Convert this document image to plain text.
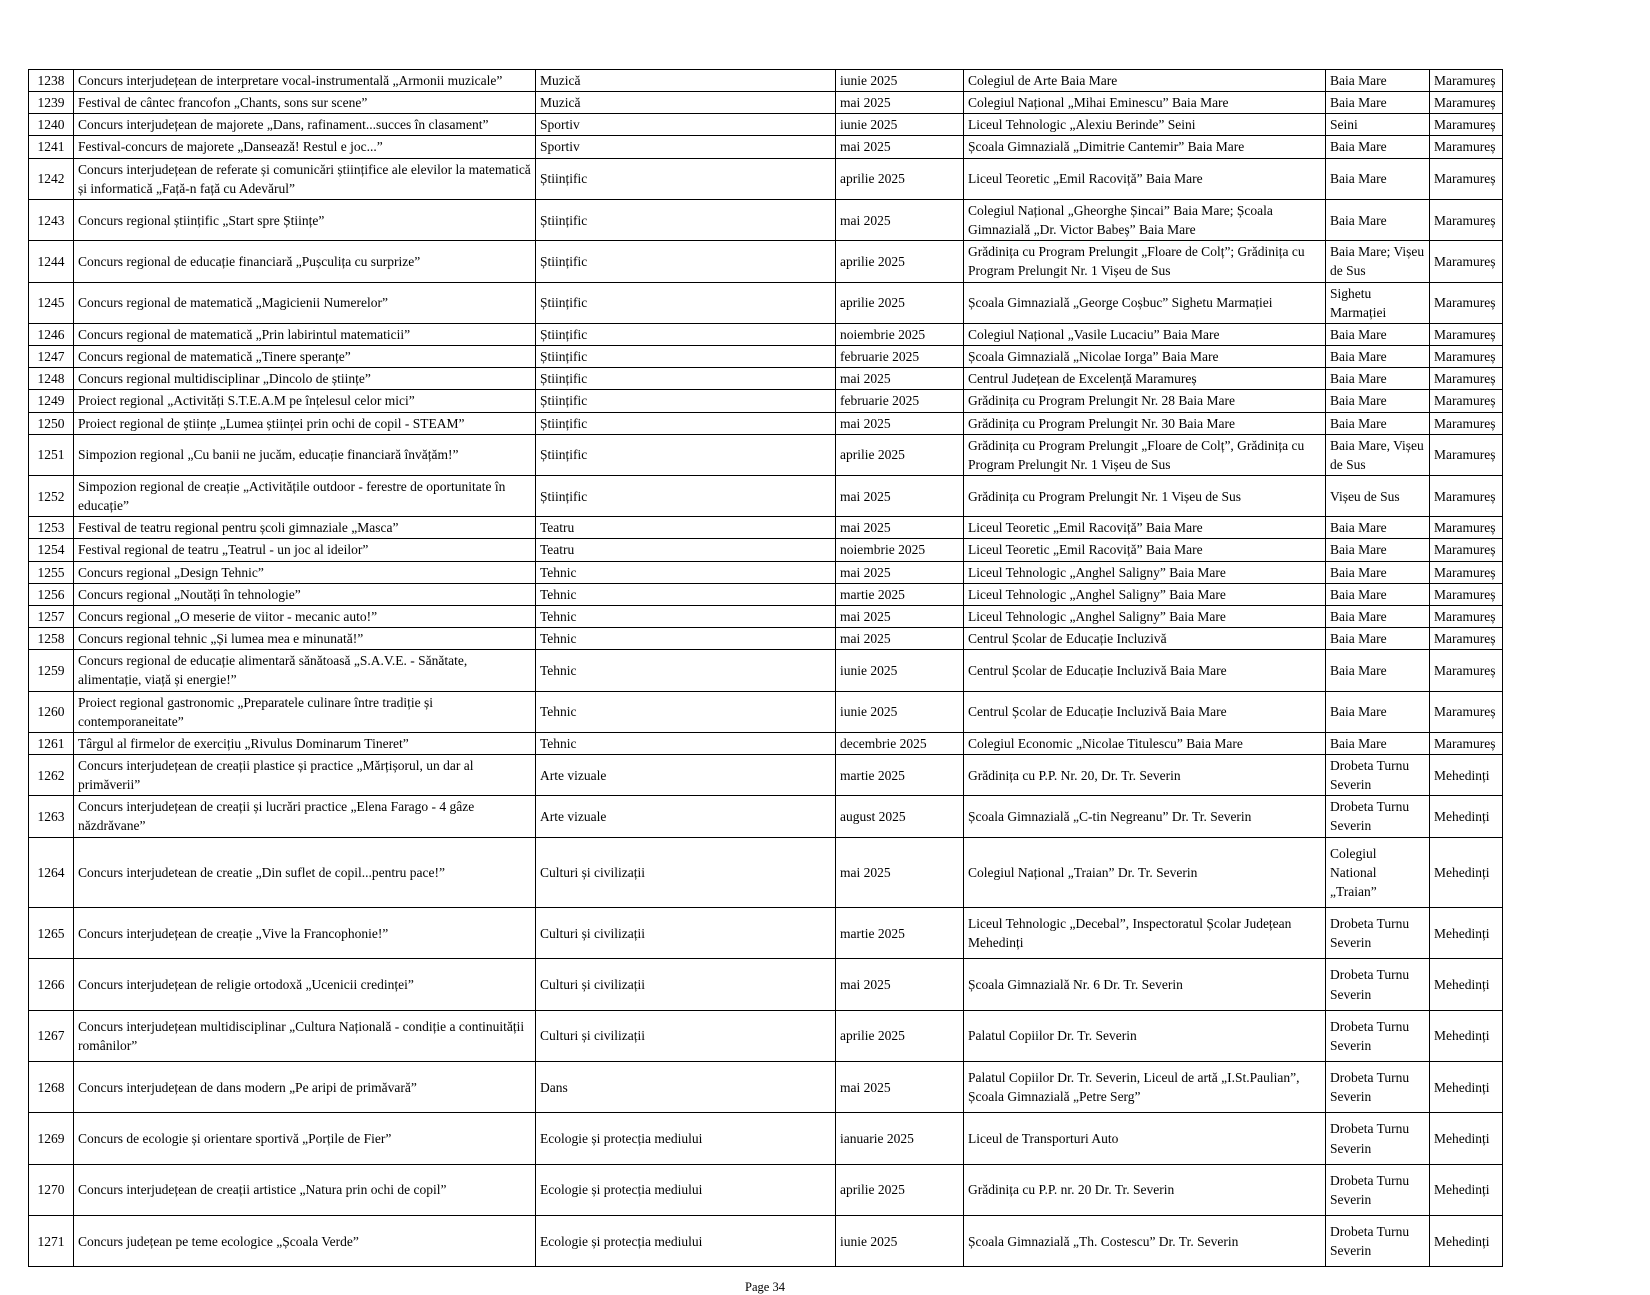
1238	Concurs interjudețean de interpretare vocal-instrumentală „Armonii muzicale”	Muzică	iunie 2025	Colegiul de Arte Baia Mare	Baia Mare	Maramureș
1239	Festival de cântec francofon „Chants, sons sur scene”	Muzică	mai 2025	Colegiul Național „Mihai Eminescu” Baia Mare	Baia Mare	Maramureș
1240	Concurs interjudețean de majorete „Dans, rafinament...succes în clasament”	Sportiv	iunie 2025	Liceul Tehnologic „Alexiu Berinde” Seini	Seini	Maramureș
1241	Festival-concurs de majorete „Dansează! Restul e joc...”	Sportiv	mai 2025	Școala Gimnazială „Dimitrie Cantemir” Baia Mare	Baia Mare	Maramureș
1242	Concurs interjudețean de referate și comunicări științifice ale elevilor la matematică și informatică „Față-n față cu Adevărul”	Științific	aprilie 2025	Liceul Teoretic „Emil Racoviță” Baia Mare	Baia Mare	Maramureș
1243	Concurs regional științific „Start spre Științe”	Științific	mai 2025	Colegiul Național „Gheorghe Șincai” Baia Mare; Școala Gimnazială „Dr. Victor Babeș” Baia Mare	Baia Mare	Maramureș
1244	Concurs regional de educație financiară „Pușculița cu surprize”	Științific	aprilie 2025	Grădinița cu Program Prelungit „Floare de Colț”; Grădinița cu Program Prelungit Nr. 1 Vișeu de Sus	Baia Mare; Vișeu de Sus	Maramureș
1245	Concurs regional de matematică „Magicienii Numerelor”	Științific	aprilie 2025	Școala Gimnazială „George Coșbuc” Sighetu Marmației	Sighetu Marmației	Maramureș
1246	Concurs regional de matematică „Prin labirintul matematicii”	Științific	noiembrie 2025	Colegiul Național „Vasile Lucaciu” Baia Mare	Baia Mare	Maramureș
1247	Concurs regional de matematică „Tinere speranțe”	Științific	februarie 2025	Școala Gimnazială „Nicolae Iorga” Baia Mare	Baia Mare	Maramureș
1248	Concurs regional multidisciplinar „Dincolo de științe”	Științific	mai 2025	Centrul Județean de Excelență Maramureș	Baia Mare	Maramureș
1249	Proiect regional „Activități S.T.E.A.M pe înțelesul celor mici”	Științific	februarie 2025	Grădinița cu Program Prelungit Nr. 28 Baia Mare	Baia Mare	Maramureș
1250	Proiect regional de științe „Lumea științei prin ochi de copil - STEAM”	Științific	mai 2025	Grădinița cu Program Prelungit Nr. 30 Baia Mare	Baia Mare	Maramureș
1251	Simpozion regional „Cu banii ne jucăm, educație financiară învățăm!”	Științific	aprilie 2025	Grădinița cu Program Prelungit „Floare de Colț”, Grădinița cu Program Prelungit Nr. 1 Vișeu de Sus	Baia Mare, Vișeu de Sus	Maramureș
1252	Simpozion regional de creație „Activitățile outdoor - ferestre de oportunitate în educație”	Științific	mai 2025	Grădinița cu Program Prelungit Nr. 1 Vișeu de Sus	Vișeu de Sus	Maramureș
1253	Festival de teatru regional pentru școli gimnaziale „Masca”	Teatru	mai 2025	Liceul Teoretic „Emil Racoviță” Baia Mare	Baia Mare	Maramureș
1254	Festival regional de teatru „Teatrul - un joc al ideilor”	Teatru	noiembrie 2025	Liceul Teoretic „Emil Racoviță” Baia Mare	Baia Mare	Maramureș
1255	Concurs regional „Design Tehnic”	Tehnic	mai 2025	Liceul Tehnologic „Anghel Saligny” Baia Mare	Baia Mare	Maramureș
1256	Concurs regional „Noutăți în tehnologie”	Tehnic	martie 2025	Liceul Tehnologic „Anghel Saligny” Baia Mare	Baia Mare	Maramureș
1257	Concurs regional „O meserie de viitor - mecanic auto!”	Tehnic	mai 2025	Liceul Tehnologic „Anghel Saligny” Baia Mare	Baia Mare	Maramureș
1258	Concurs regional tehnic „Și lumea mea e minunată!”	Tehnic	mai 2025	Centrul Școlar de Educație Incluzivă	Baia Mare	Maramureș
1259	Concurs regional de educație alimentară sănătoasă „S.A.V.E. - Sănătate, alimentație, viață și energie!”	Tehnic	iunie 2025	Centrul Școlar de Educație Incluzivă Baia Mare	Baia Mare	Maramureș
1260	Proiect regional gastronomic „Preparatele culinare între tradiție și contemporaneitate”	Tehnic	iunie 2025	Centrul Școlar de Educație Incluzivă Baia Mare	Baia Mare	Maramureș
1261	Târgul al firmelor de exercițiu „Rivulus Dominarum Tineret”	Tehnic	decembrie 2025	Colegiul Economic „Nicolae Titulescu” Baia Mare	Baia Mare	Maramureș
1262	Concurs interjudețean de creații plastice și practice „Mărțișorul, un dar al primăverii”	Arte vizuale	martie 2025	Grădinița cu P.P. Nr. 20, Dr. Tr. Severin	Drobeta Turnu Severin	Mehedinți
1263	Concurs interjudețean de creații și lucrări practice „Elena Farago - 4 gâze năzdrăvane”	Arte vizuale	august 2025	Școala Gimnazială „C-tin Negreanu” Dr. Tr. Severin	Drobeta Turnu Severin	Mehedinți
1264	Concurs interjudetean de creatie „Din suflet de copil...pentru pace!”	Culturi și civilizații	mai 2025	Colegiul Național „Traian” Dr. Tr. Severin	Colegiul National „Traian”	Mehedinți
1265	Concurs interjudețean de creație „Vive la Francophonie!”	Culturi și civilizații	martie 2025	Liceul Tehnologic „Decebal”, Inspectoratul Școlar Județean Mehedinți	Drobeta Turnu Severin	Mehedinți
1266	Concurs interjudețean de religie ortodoxă „Ucenicii credinței”	Culturi și civilizații	mai 2025	Școala Gimnazială Nr. 6 Dr. Tr. Severin	Drobeta Turnu Severin	Mehedinți
1267	Concurs interjudețean multidisciplinar „Cultura Națională - condiție a continuității românilor”	Culturi și civilizații	aprilie 2025	Palatul Copiilor Dr. Tr. Severin	Drobeta Turnu Severin	Mehedinți
1268	Concurs interjudețean de dans modern „Pe aripi de primăvară”	Dans	mai 2025	Palatul Copiilor Dr. Tr. Severin, Liceul de artă „I.St.Paulian”, Școala Gimnazială „Petre Serg”	Drobeta Turnu Severin	Mehedinți
1269	Concurs de ecologie și orientare sportivă „Porțile de Fier”	Ecologie și protecția mediului	ianuarie 2025	Liceul de Transporturi Auto	Drobeta Turnu Severin	Mehedinți
1270	Concurs interjudețean de creații artistice „Natura prin ochi de copil”	Ecologie și protecția mediului	aprilie 2025	Grădinița cu P.P. nr. 20 Dr. Tr. Severin	Drobeta Turnu Severin	Mehedinți
1271	Concurs județean pe teme ecologice „Școala Verde”	Ecologie și protecția mediului	iunie 2025	Școala Gimnazială „Th. Costescu” Dr. Tr. Severin	Drobeta Turnu Severin	Mehedinți
Page 34
